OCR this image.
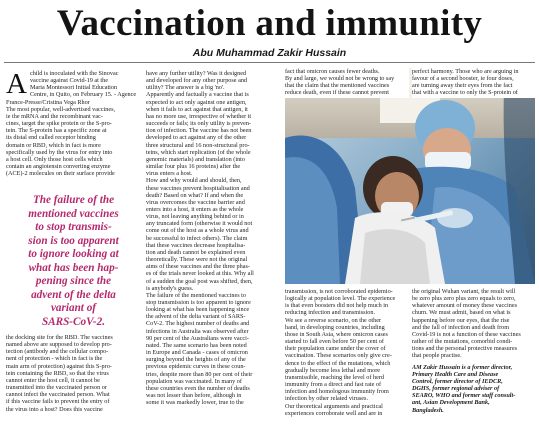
Vaccination and immunity
Abu Muhammad Zakir Hussain
A child is inoculated with the Sinovac
vaccine against Covid-19 at the
Maria Montessori Initial Education
Centre, in Quito, on February 15. - Agence
France-Presse/Cristina Vega Rhor
The most popular, well-advertised vaccines,
ie the mRNA and the recombinant vac-
cines, target the spike protein or the S-pro-
tein. The S-protein has a specific zone at
its distal end called receptor binding
domain or RBD, which in fact is more
specifically used by the virus for entry into
a host cell. Only those host cells which
contain an angiotensin converting enzyme
(ACE)-2 molecules on their surface provide

The failure of the
mentioned vaccines
to stop transmis-
sion is too apparent
to ignore looking at
what has been hap-
pening since the
advent of the delta
variant of
SARS-CoV-2.

the docking site for the RBD. The vaccines
named above are supposed to develop pro-
tection (antibody and the cellular compo-
nent of protection - which in fact is the
main arm of protection) against this S-pro-
tein containing the RBD, so that the virus
cannot enter the host cell, it cannot be
transmitted into the vaccinated person or
cannot infect the vaccinated person. What
if this vaccine fails to prevent the entry of
the virus into a host? Does this vaccine

have any further utility? Was it designed
and developed for any other purpose and
utility? The answer is a big 'no'.
Apparently and factually a vaccine that is
expected to act only against one antigen,
when it fails to act against that antigen, it
has no more use, irrespective of whether it
succeeds or fails; its only utility is preven-
tion of infection. The vaccine has not been
developed to act against any of the other
three structural and 16 non-structural pro-
teins, which start replication (of the whole
genomic materials) and translation (into
similar four plus 16 proteins) after the
virus enters a host.
How and why would and should, then,
these vaccines prevent hospitalisation and
death? Based on what? If and when the
virus overcomes the vaccine barrier and
enters into a host, it enters as the whole
virus, not leaving anything behind or in
any truncated form (otherwise it would not
come out of the host as a whole virus and
be successful to infect others). The claim
that these vaccines decrease hospitalisa-
tion and death cannot be explained even
theoretically. These were not the original
aims of these vaccines and the three phas-
es of the trials never looked at this. Why all
of a sudden the goal post was shifted, then,
is anybody's guess.
The failure of the mentioned vaccines to
stop transmission is too apparent to ignore
looking at what has been happening since
the advent of the delta variant of SARS-
CoV-2. The highest number of deaths and
infections in Australia was observed after
90 per cent of the Australians were vacci-
nated. The same scenario has been noted
in Europe and Canada - cases of omicron
surging beyond the heights of any of the
previous epidemic curves in these coun-
tries, despite more than 80 per cent of their
population was vaccinated. In many of
these countries even the number of deaths
was not lesser than before, although in
some it was markedly lower, true to the

fact that omicron causes fewer deaths.
By and large, we would not be wrong to say
that the claim that the mentioned vaccines
reduce death, even if these cannot prevent

perfect harmony. Those who are arguing in
favour of a second booster, ie four doses,
are turning away their eyes from the fact
that with a vaccine to only the S-protein of

transmission, is not corroborated epidemio-
logically at population level. The experience
is that even boosters did not help much in
reducing infection and transmission.
We see a reverse scenario, on the other
hand, in developing countries, including
those in South Asia, where omicron cases
started to fall even before 50 per cent of
their population came under the cover of
vaccination. These scenarios only give cre-
dence to the effect of the mutations, which
gradually become less lethal and more
transmissible, reaching the level of herd
immunity from a direct and fast rate of
infection and homologous immunity from
infection by other related viruses.
Our theoretical arguments and practical
experiences corroborate well and are in

the original Wuhan variant, the result will
be zero plus zero plus zero equals to zero,
whatever amount of money these vaccines
churn. We must admit, based on what is
happening before our eyes, that the rise
and the fall of infection and death from
Covid-19 is not a function of these vaccines
rather of the mutations, comorbid condi-
tions and the personal protective measures
that people practise.

AM Zakir Hussain is a former director,
Primary Health Care and Disease
Control, former director of IEDCR,
DGHS, former regional adviser of
SEARO, WHO and former staff consult-
ant, Asian Development Bank,
Bangladesh.
